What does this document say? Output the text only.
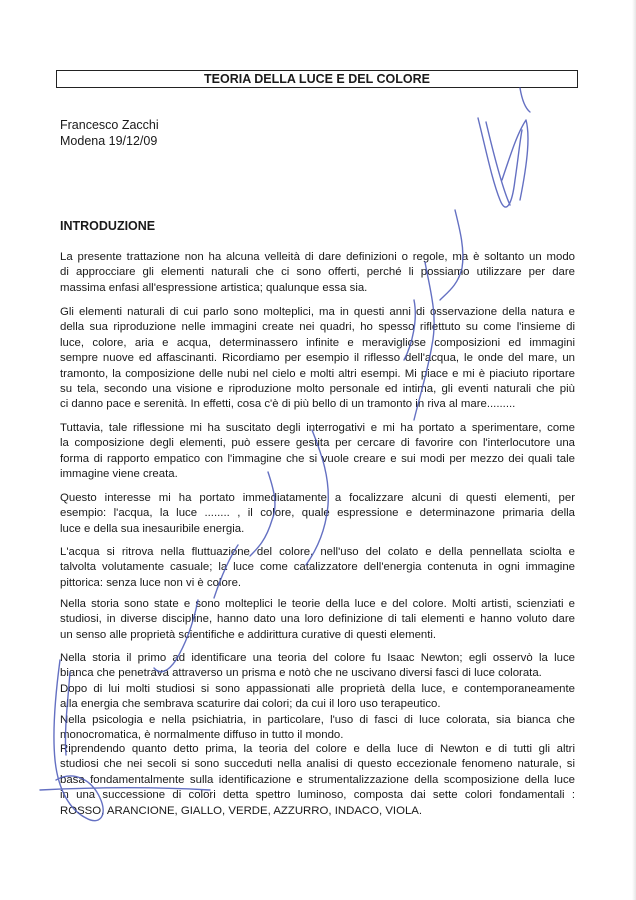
TEORIA DELLA LUCE E DEL COLORE
Francesco Zacchi
Modena 19/12/09
INTRODUZIONE
La presente trattazione non ha alcuna velleità di dare definizioni o regole, ma è soltanto un modo
di approcciare gli elementi naturali che ci sono offerti, perché li possiamo utilizzare per dare
massima enfasi all'espressione artistica; qualunque essa sia.
Gli elementi naturali di cui parlo sono molteplici, ma in questi anni di osservazione della natura e
della sua riproduzione nelle immagini create nei quadri, ho spesso riflettuto su come l'insieme di
luce, colore, aria e acqua, determinassero infinite e meravigliose composizioni ed immagini
sempre nuove ed affascinanti. Ricordiamo per esempio il riflesso dell'acqua, le onde del mare, un
tramonto, la composizione delle nubi nel cielo e molti altri esempi. Mi piace e mi è piaciuto riportare
su tela, secondo una visione e riproduzione molto personale ed intima, gli eventi naturali che più
ci danno pace e serenità. In effetti, cosa c'è di più bello di un tramonto in riva al mare.........
Tuttavia, tale riflessione mi ha suscitato degli interrogativi e mi ha portato a sperimentare, come
la composizione degli elementi, può essere gestita per cercare di favorire con l'interlocutore una
forma di rapporto empatico con l'immagine che si vuole creare e sui modi per mezzo dei quali tale
immagine viene creata.
Questo interesse mi ha portato immediatamente a focalizzare alcuni di questi elementi, per
esempio: l'acqua, la luce ........ , il colore, quale espressione e determinazone primaria della
luce e della sua inesauribile energia.
L'acqua si ritrova nella fluttuazione del colore, nell'uso del colato e della pennellata sciolta e
talvolta volutamente casuale; la luce come catalizzatore dell'energia contenuta in ogni immagine
pittorica: senza luce non vi è colore.
Nella storia sono state e sono molteplici le teorie della luce e del colore. Molti artisti, scienziati e
studiosi, in diverse discipline, hanno dato una loro definizione di tali elementi e hanno voluto dare
un senso alle proprietà scientifiche e addirittura curative di questi elementi.
Nella storia il primo ad identificare una teoria del colore fu Isaac Newton; egli osservò la luce
bianca che penetrava attraverso un prisma e notò che ne uscivano diversi fasci di luce colorata.
Dopo di lui molti studiosi si sono appassionati alle proprietà della luce, e contemporaneamente
alla energia che sembrava scaturire dai colori; da cui il loro uso terapeutico.
Nella psicologia e nella psichiatria, in particolare, l'uso di fasci di luce colorata, sia bianca che
monocromatica, è normalmente diffuso in tutto il mondo.
Riprendendo quanto detto prima, la teoria del colore e della luce di Newton e di tutti gli altri
studiosi che nei secoli si sono succeduti nella analisi di questo eccezionale fenomeno naturale, si
basa fondamentalmente sulla identificazione e strumentalizzazione della scomposizione della luce
in una successione di colori detta spettro luminoso, composta dai sette colori fondamentali :
ROSSO, ARANCIONE, GIALLO, VERDE, AZZURRO, INDACO, VIOLA.
